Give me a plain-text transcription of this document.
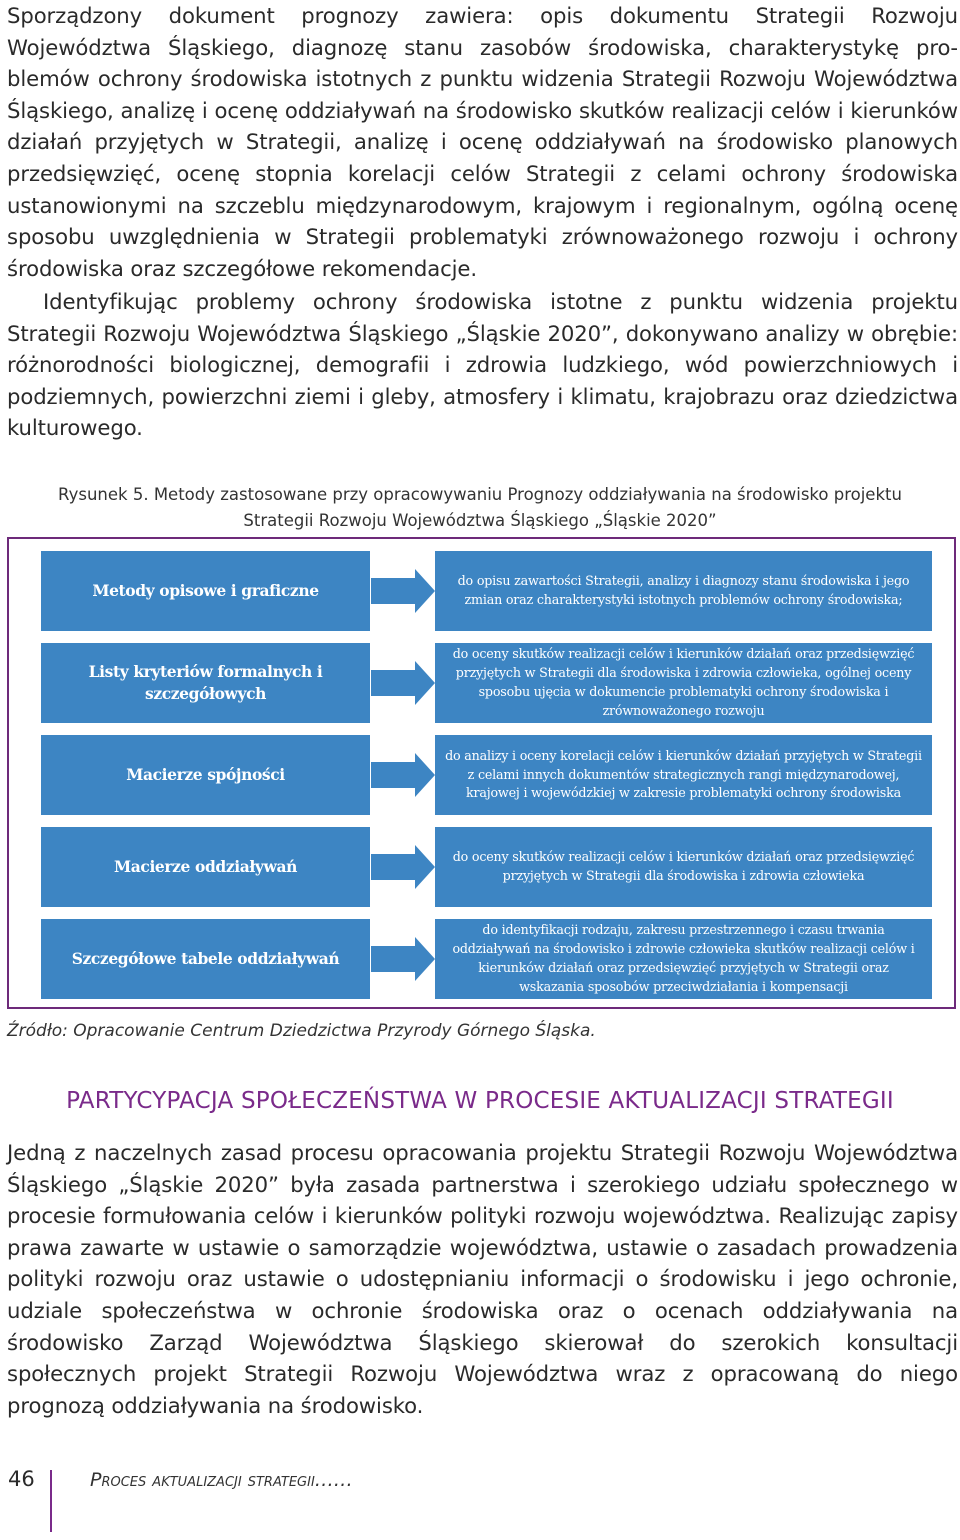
Sporządzony dokument prognozy zawiera: opis dokumentu Strategii Rozwoju Województwa Śląskiego, diagnozę stanu zasobów środowiska, charakterystykę problemów ochrony środowiska istotnych z punktu widzenia Strategii Rozwoju Województwa Śląskiego, analizę i ocenę oddziaływań na środowisko skutków realizacji celów i kierunków działań przyjętych w Strategii, analizę i ocenę oddziaływań na środowisko planowych przedsięwzięć, ocenę stopnia korelacji celów Strategii z celami ochrony środowiska ustanowionymi na szczeblu międzynarodowym, krajowym i regionalnym, ogólną ocenę sposobu uwzględnienia w Strategii problematyki zrównoważonego rozwoju i ochrony środowiska oraz szczegółowe rekomendacje.

Identyfikując problemy ochrony środowiska istotne z punktu widzenia projektu Strategii Rozwoju Województwa Śląskiego „Śląskie 2020”, dokonywano analizy w obrębie: różnorodności biologicznej, demografii i zdrowia ludzkiego, wód powierzchniowych i podziemnych, powierzchni ziemi i gleby, atmosfery i klimatu, krajobrazu oraz dziedzictwa kulturowego.

Rysunek 5. Metody zastosowane przy opracowywaniu Prognozy oddziaływania na środowisko projektu
Strategii Rozwoju Województwa Śląskiego „Śląskie 2020”
Metody opisowe i graficzne
do opisu zawartości Strategii, analizy i diagnozy stanu środowiska i jego zmian oraz charakterystyki istotnych problemów ochrony środowiska;
Listy kryteriów formalnych i szczegółowych
do oceny skutków realizacji celów i kierunków działań oraz przedsięwzięć przyjętych w Strategii dla środowiska i zdrowia człowieka, ogólnej oceny sposobu ujęcia w dokumencie problematyki ochrony środowiska i zrównoważonego rozwoju
Macierze spójności
do analizy i oceny korelacji celów i kierunków działań przyjętych w Strategii z celami innych dokumentów strategicznych rangi międzynarodowej, krajowej i wojewódzkiej w zakresie problematyki ochrony środowiska
Macierze oddziaływań
do oceny skutków realizacji celów i kierunków działań oraz przedsięwzięć przyjętych w Strategii dla środowiska i zdrowia człowieka
Szczegółowe tabele oddziaływań
do identyfikacji rodzaju, zakresu przestrzennego i czasu trwania oddziaływań na środowisko i zdrowie człowieka skutków realizacji celów i kierunków działań oraz przedsięwzięć przyjętych w Strategii oraz wskazania sposobów przeciwdziałania i kompensacji
Źródło: Opracowanie Centrum Dziedzictwa Przyrody Górnego Śląska.
PARTYCYPACJA SPOŁECZEŃSTWA W PROCESIE AKTUALIZACJI STRATEGII

Jedną z naczelnych zasad procesu opracowania projektu Strategii Rozwoju Województwa Śląskiego „Śląskie 2020” była zasada partnerstwa i szerokiego udziału społecznego w procesie formułowania celów i kierunków polityki rozwoju województwa. Realizując zapisy prawa zawarte w ustawie o samorządzie województwa, ustawie o zasadach prowadzenia polityki rozwoju oraz ustawie o udostępnianiu informacji o środowisku i jego ochronie, udziale społeczeństwa w ochronie środowiska oraz o ocenach oddziaływania na środowisko Zarząd Województwa Śląskiego skierował do szerokich konsultacji społecznych projekt Strategii Rozwoju Województwa wraz z opracowaną do niego prognozą oddziaływania na środowisko.

46	Proces aktualizacji strategii……
